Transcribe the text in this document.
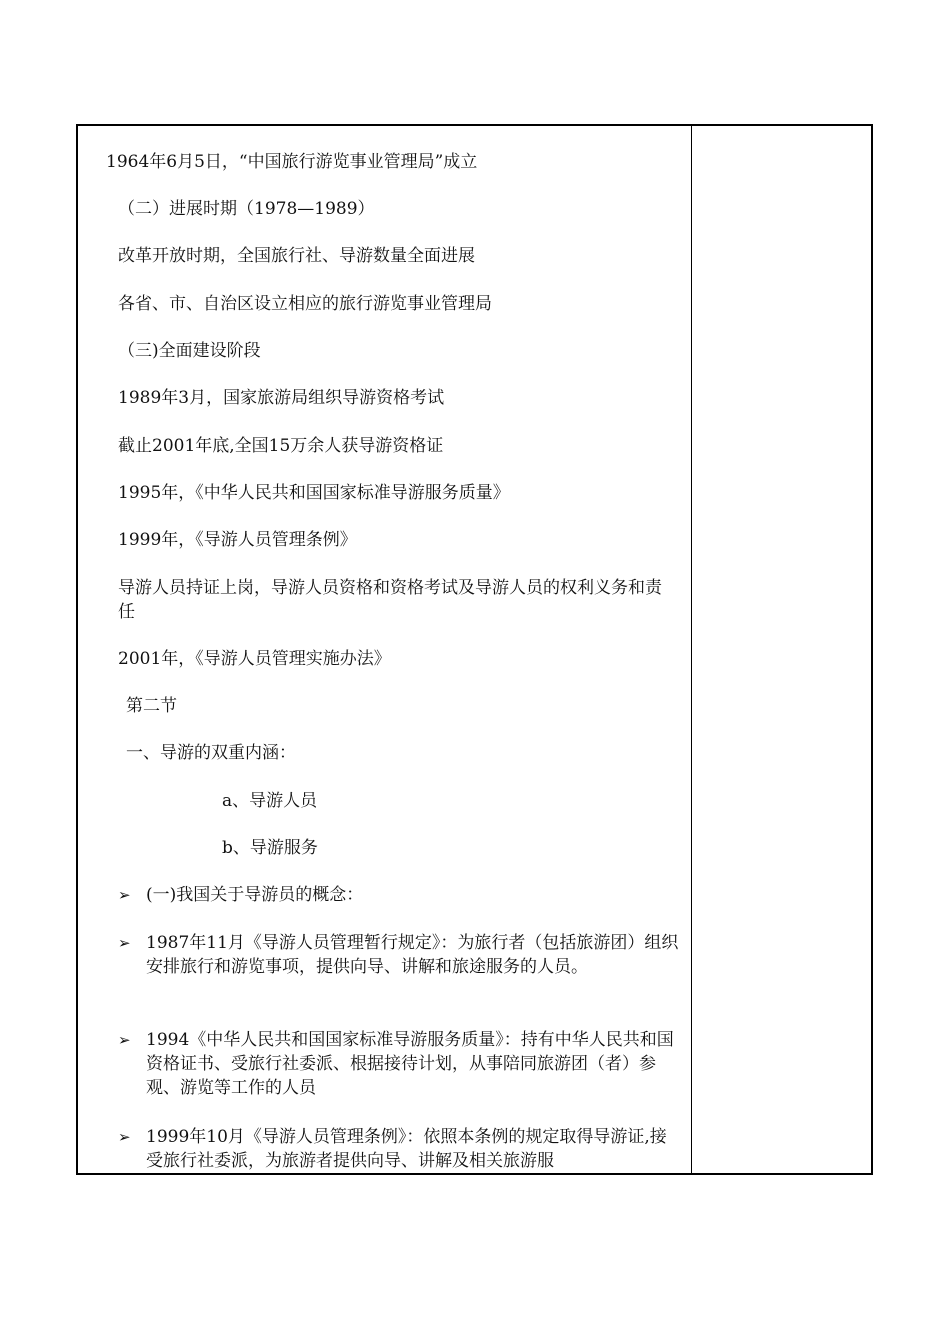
1964年6月5日，“中国旅行游览事业管理局”成立
（二）进展时期（1978—1989）
改革开放时期，全国旅行社、导游数量全面进展
各省、市、自治区设立相应的旅行游览事业管理局
（三)全面建设阶段
1989年3月，国家旅游局组织导游资格考试
截止2001年底,全国15万余人获导游资格证
1995年，《中华人民共和国国家标准导游服务质量》
1999年，《导游人员管理条例》
导游人员持证上岗，导游人员资格和资格考试及导游人员的权利义务和责任
2001年，《导游人员管理实施办法》
第二节
一、导游的双重内涵：
a、导游人员
b、导游服务
➢ (一)我国关于导游员的概念：
➢ 1987年11月《导游人员管理暂行规定》：为旅行者（包括旅游团）组织安排旅行和游览事项，提供向导、讲解和旅途服务的人员。
➢ 1994《中华人民共和国国家标准导游服务质量》：持有中华人民共和国资格证书、受旅行社委派、根据接待计划，从事陪同旅游团（者）参观、游览等工作的人员
➢ 1999年10月《导游人员管理条例》：依照本条例的规定取得导游证,接受旅行社委派，为旅游者提供向导、讲解及相关旅游服
